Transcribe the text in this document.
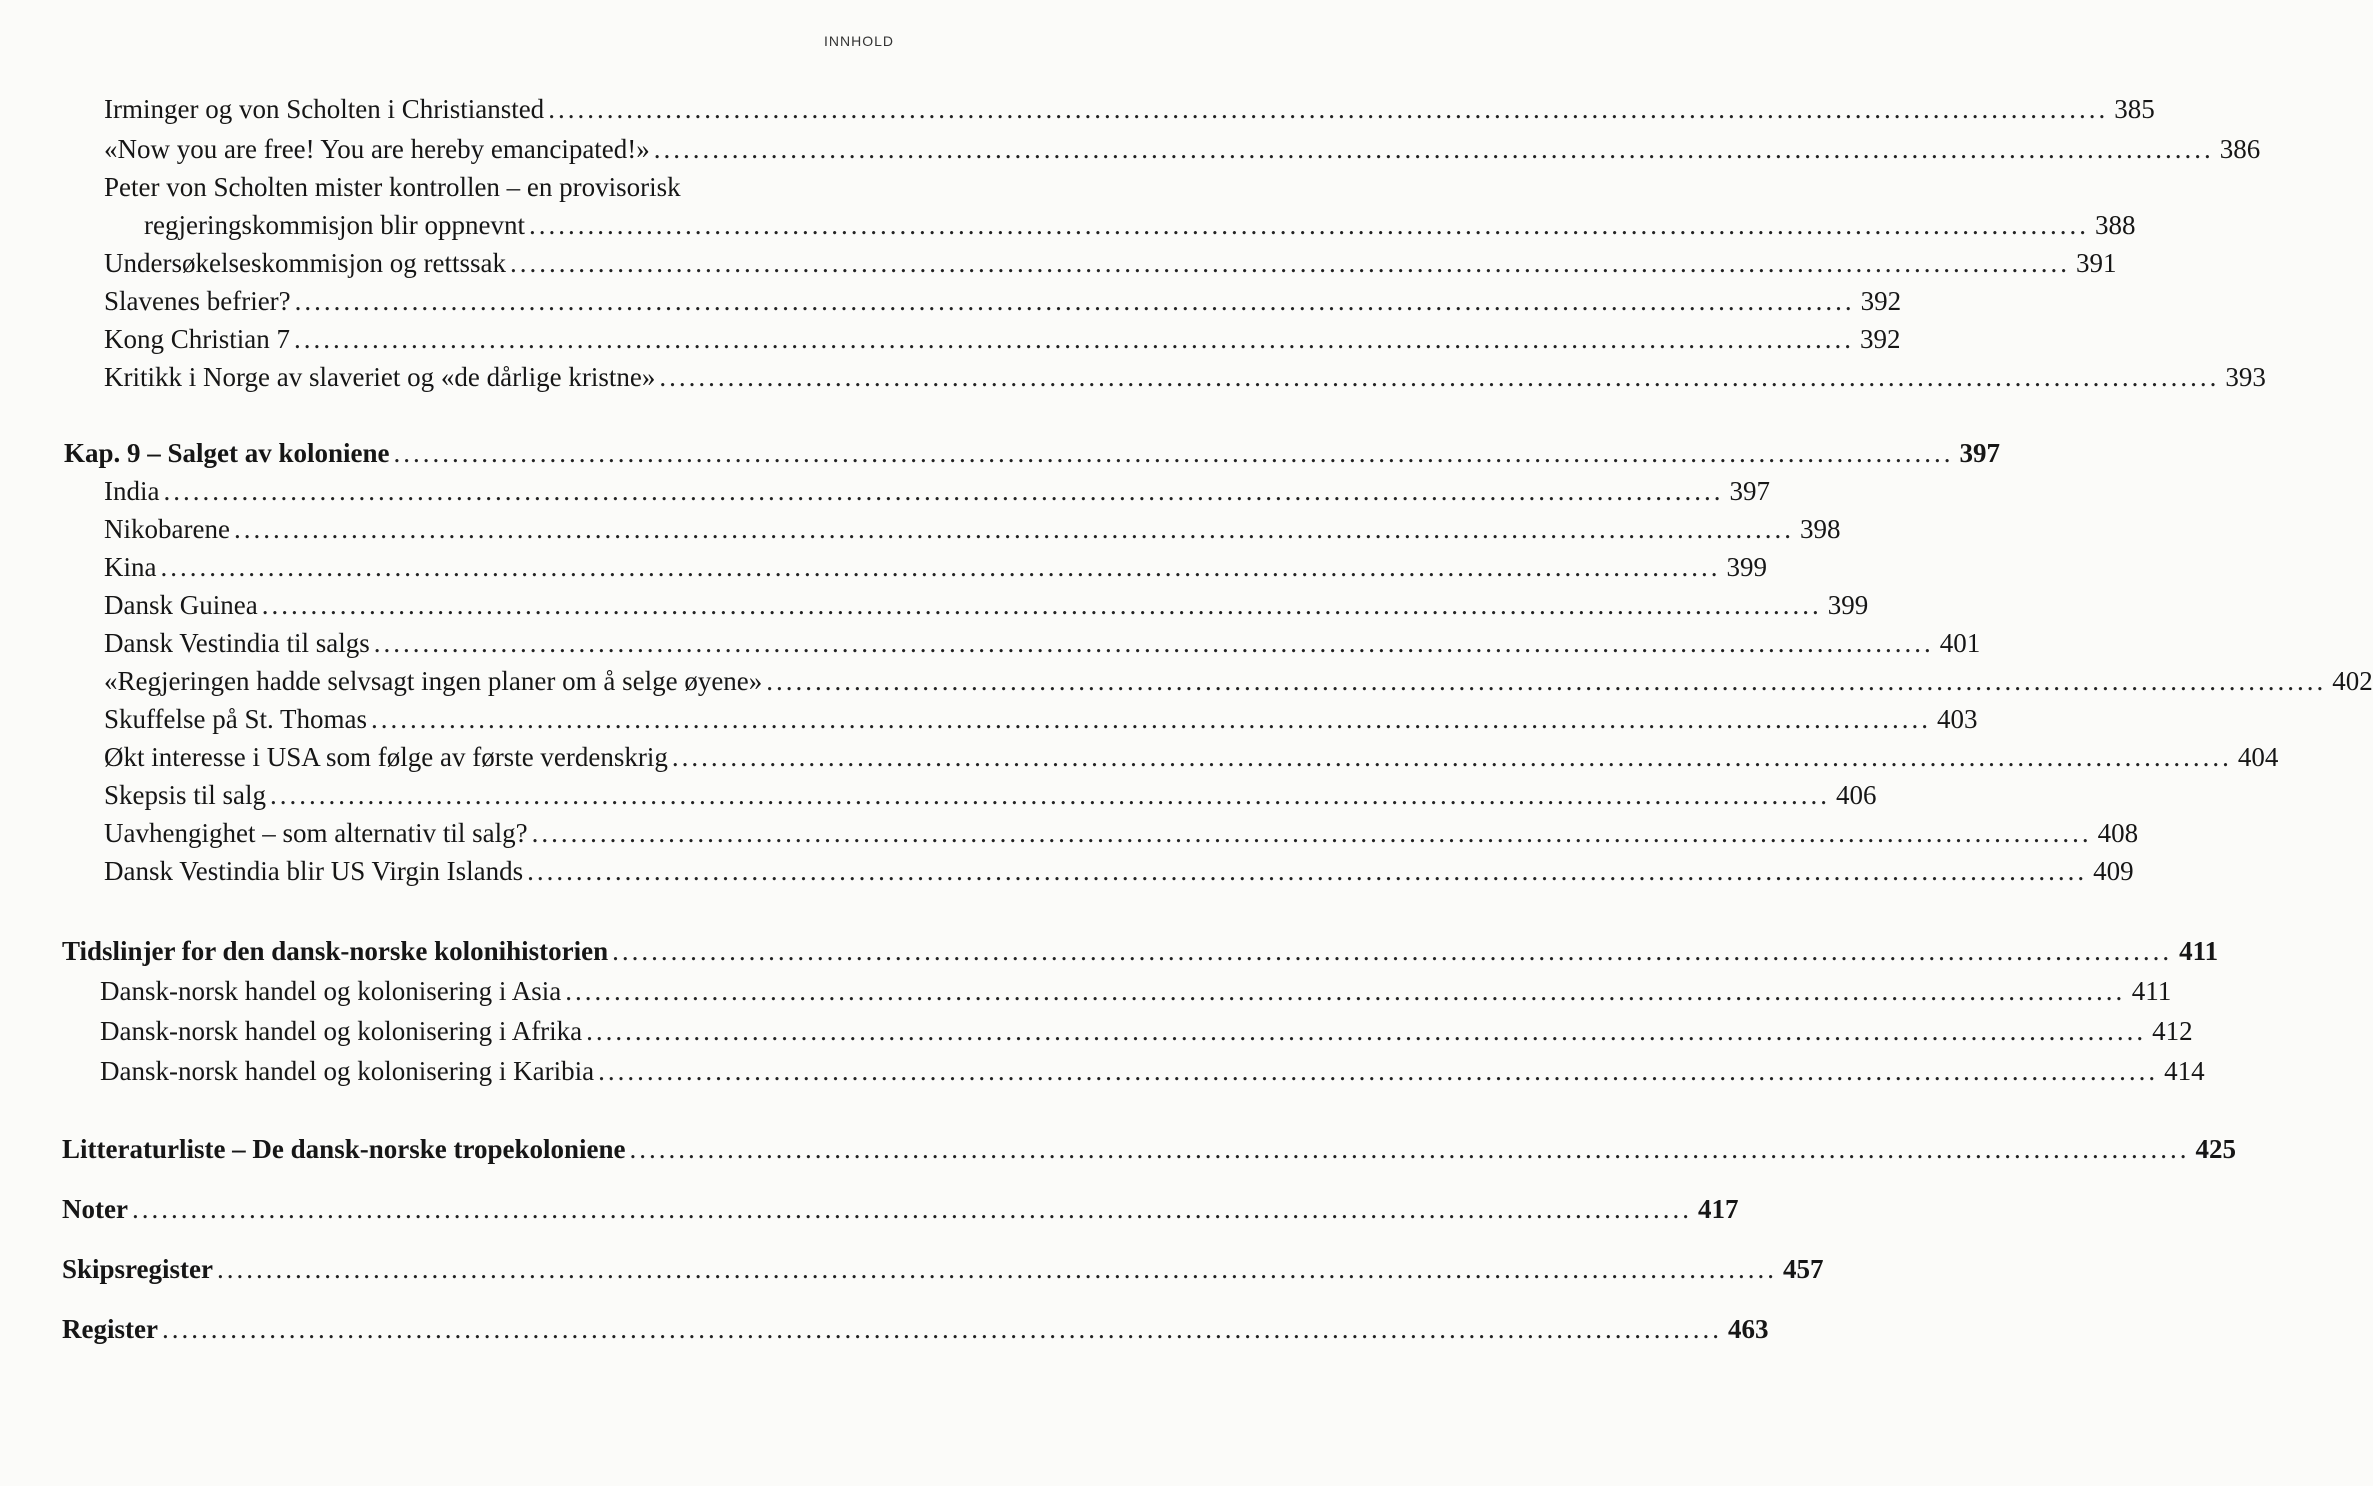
INNHOLD
Irminger og von Scholten i Christiansted ................................................................................................................................................................ 385
«Now you are free! You are hereby emancipated!» ................................................................................................................................................................ 386
Peter von Scholten mister kontrollen – en provisorisk
regjeringskommisjon blir oppnevnt ................................................................................................................................................................ 388
Undersøkelseskommisjon og rettssak ................................................................................................................................................................ 391
Slavenes befrier? ................................................................................................................................................................ 392
Kong Christian 7 ................................................................................................................................................................ 392
Kritikk i Norge av slaveriet og «de dårlige kristne» ................................................................................................................................................................ 393
Kap. 9 – Salget av koloniene ................................................................................................................................................................ 397
India ................................................................................................................................................................ 397
Nikobarene ................................................................................................................................................................ 398
Kina ................................................................................................................................................................ 399
Dansk Guinea ................................................................................................................................................................ 399
Dansk Vestindia til salgs ................................................................................................................................................................ 401
«Regjeringen hadde selvsagt ingen planer om å selge øyene» ................................................................................................................................................................ 402
Skuffelse på St. Thomas ................................................................................................................................................................ 403
Økt interesse i USA som følge av første verdenskrig ................................................................................................................................................................ 404
Skepsis til salg ................................................................................................................................................................ 406
Uavhengighet – som alternativ til salg? ................................................................................................................................................................ 408
Dansk Vestindia blir US Virgin Islands ................................................................................................................................................................ 409
Tidslinjer for den dansk-norske kolonihistorien ................................................................................................................................................................ 411
Dansk-norsk handel og kolonisering i Asia ................................................................................................................................................................ 411
Dansk-norsk handel og kolonisering i Afrika ................................................................................................................................................................ 412
Dansk-norsk handel og kolonisering i Karibia ................................................................................................................................................................ 414
Litteraturliste – De dansk-norske tropekoloniene ................................................................................................................................................................ 425
Noter ................................................................................................................................................................ 417
Skipsregister ................................................................................................................................................................ 457
Register ................................................................................................................................................................ 463
